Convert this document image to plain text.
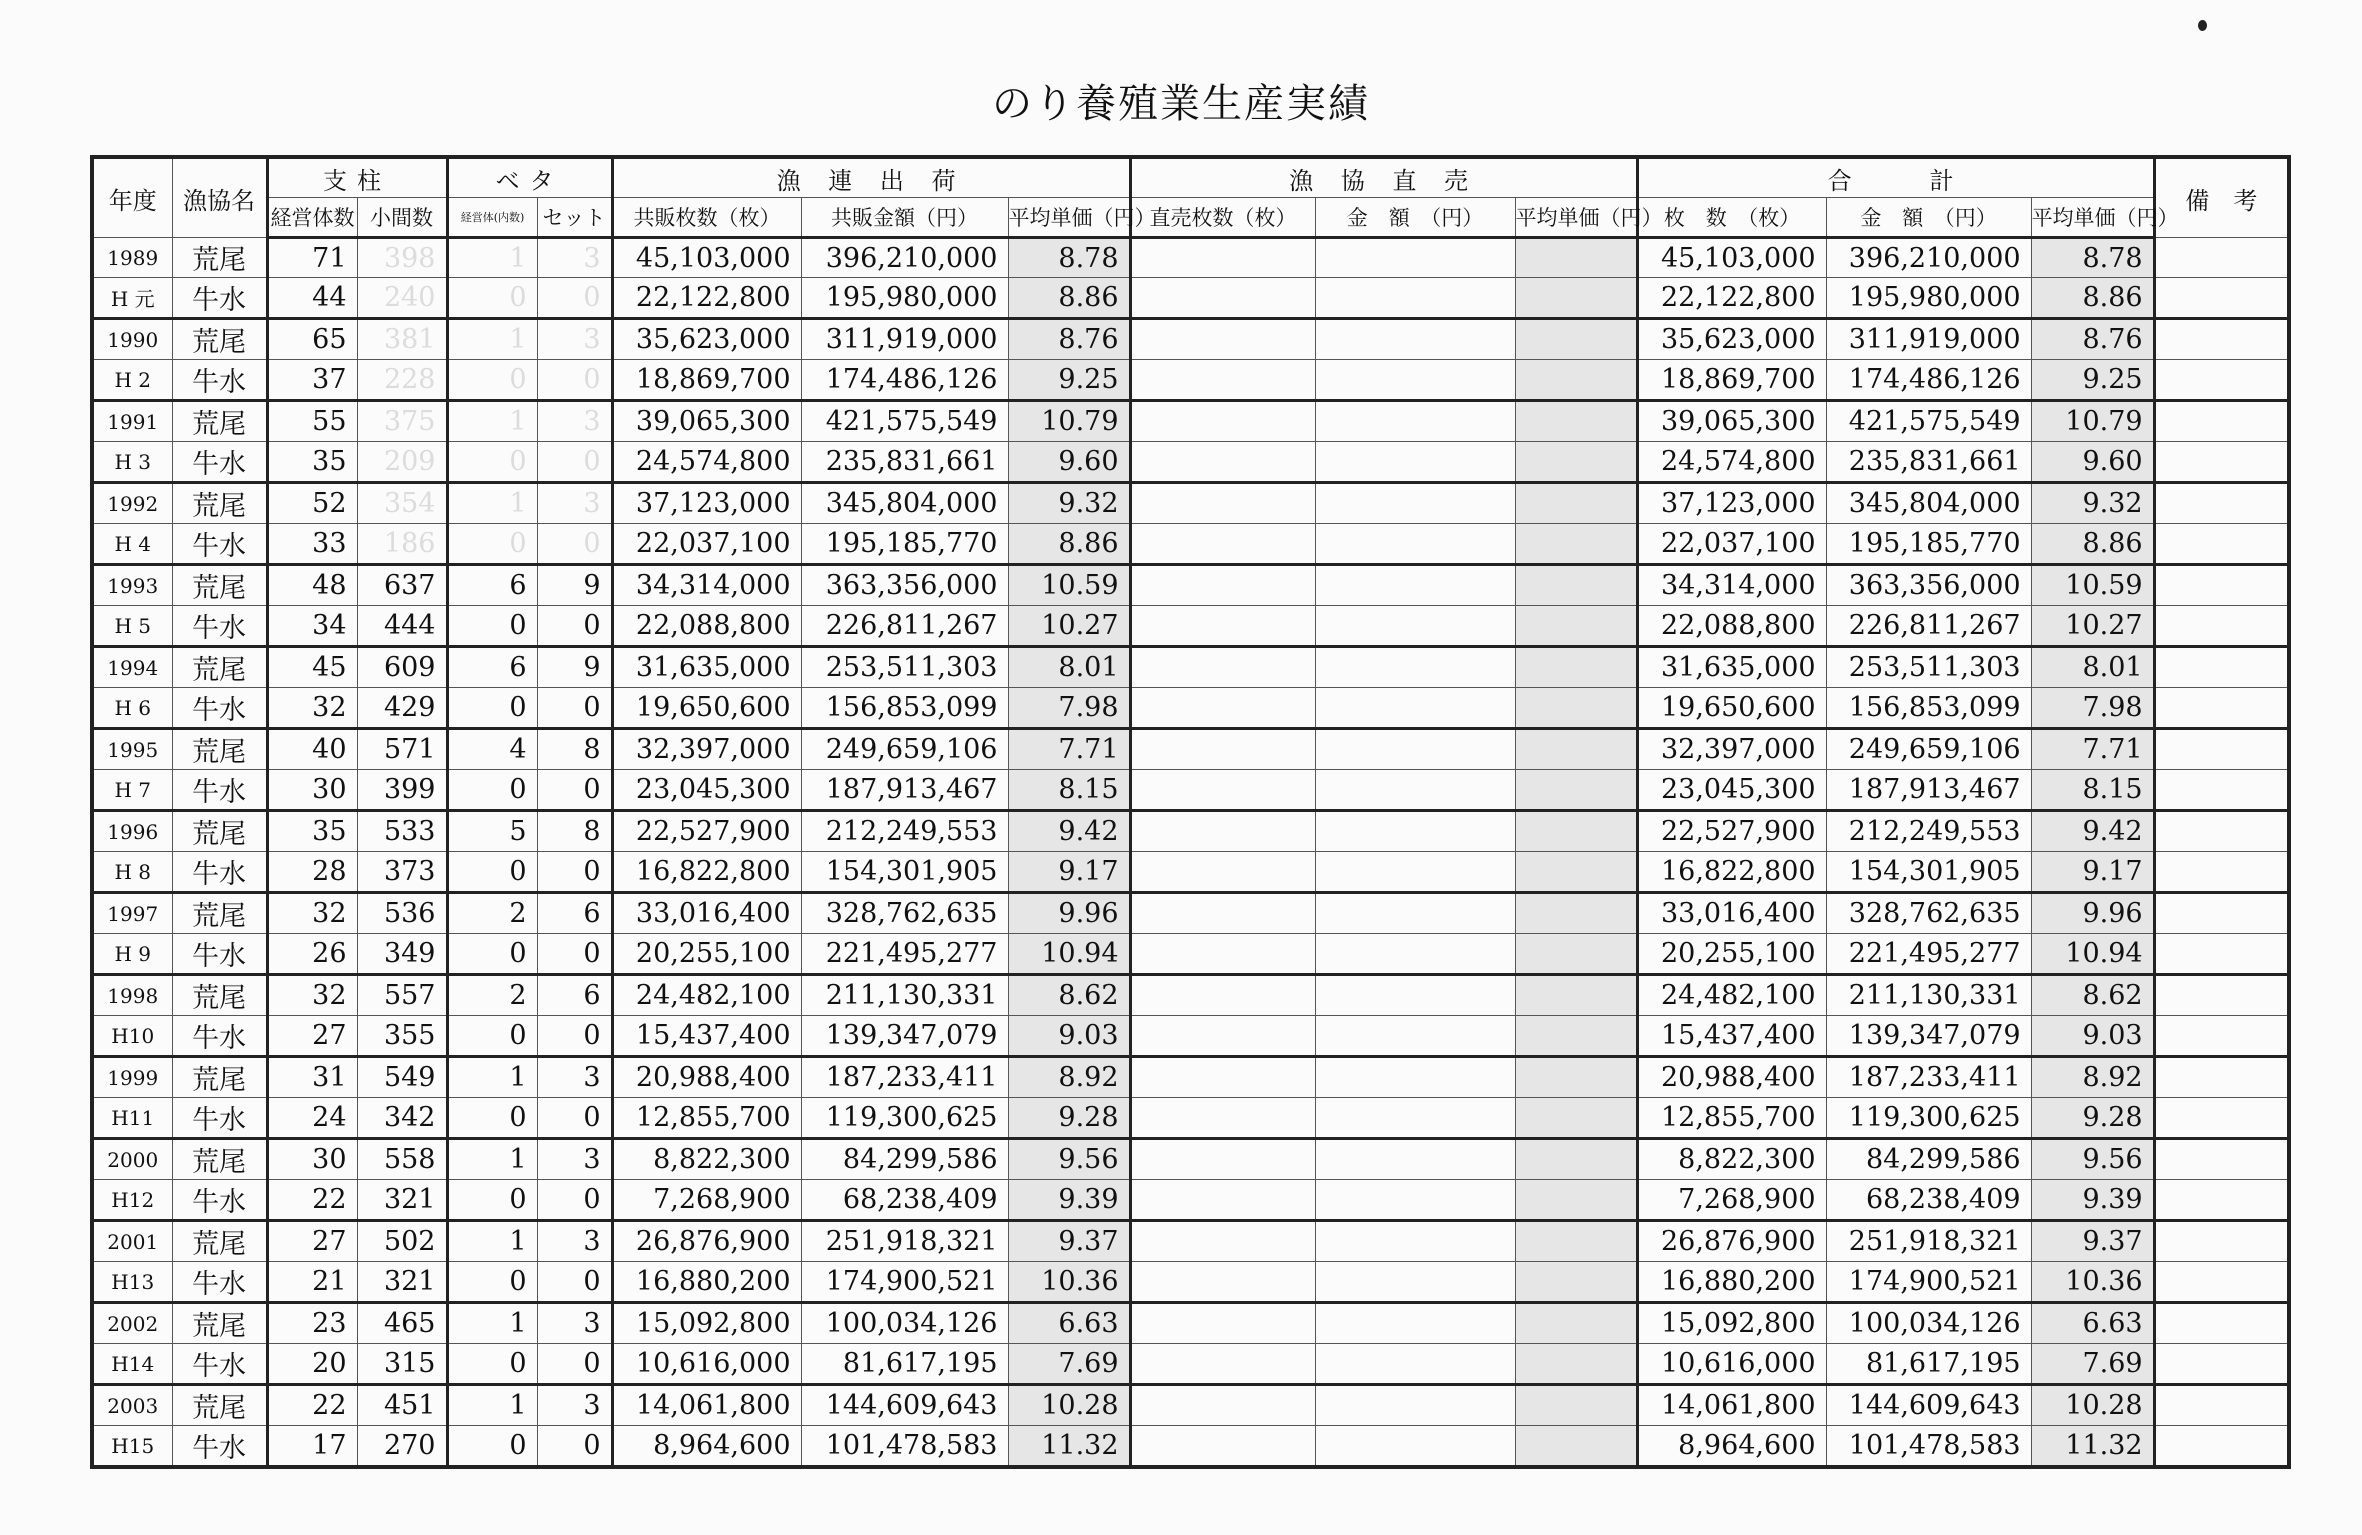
のり養殖業生産実績
年度	漁協名	支柱		ベタ		漁 連 出 荷			漁 協 直 売			合　　計			備　考
		経営体数	小間数	経営体(内数)	セット	共販枚数（枚）	共販金額（円）	平均単価（円）	直売枚数（枚）	金　額　（円）	平均単価（円）	枚　数　（枚）	金　額　（円）	平均単価（円）	
1989	荒尾	71	398	1	3	45,103,000	396,210,000	8.78				45,103,000	396,210,000	8.78	
H 元	牛水	44	240	0	0	22,122,800	195,980,000	8.86				22,122,800	195,980,000	8.86	
1990	荒尾	65	381	1	3	35,623,000	311,919,000	8.76				35,623,000	311,919,000	8.76	
H 2	牛水	37	228	0	0	18,869,700	174,486,126	9.25				18,869,700	174,486,126	9.25	
1991	荒尾	55	375	1	3	39,065,300	421,575,549	10.79				39,065,300	421,575,549	10.79	
H 3	牛水	35	209	0	0	24,574,800	235,831,661	9.60				24,574,800	235,831,661	9.60	
1992	荒尾	52	354	1	3	37,123,000	345,804,000	9.32				37,123,000	345,804,000	9.32	
H 4	牛水	33	186	0	0	22,037,100	195,185,770	8.86				22,037,100	195,185,770	8.86	
1993	荒尾	48	637	6	9	34,314,000	363,356,000	10.59				34,314,000	363,356,000	10.59	
H 5	牛水	34	444	0	0	22,088,800	226,811,267	10.27				22,088,800	226,811,267	10.27	
1994	荒尾	45	609	6	9	31,635,000	253,511,303	8.01				31,635,000	253,511,303	8.01	
H 6	牛水	32	429	0	0	19,650,600	156,853,099	7.98				19,650,600	156,853,099	7.98	
1995	荒尾	40	571	4	8	32,397,000	249,659,106	7.71				32,397,000	249,659,106	7.71	
H 7	牛水	30	399	0	0	23,045,300	187,913,467	8.15				23,045,300	187,913,467	8.15	
1996	荒尾	35	533	5	8	22,527,900	212,249,553	9.42				22,527,900	212,249,553	9.42	
H 8	牛水	28	373	0	0	16,822,800	154,301,905	9.17				16,822,800	154,301,905	9.17	
1997	荒尾	32	536	2	6	33,016,400	328,762,635	9.96				33,016,400	328,762,635	9.96	
H 9	牛水	26	349	0	0	20,255,100	221,495,277	10.94				20,255,100	221,495,277	10.94	
1998	荒尾	32	557	2	6	24,482,100	211,130,331	8.62				24,482,100	211,130,331	8.62	
H10	牛水	27	355	0	0	15,437,400	139,347,079	9.03				15,437,400	139,347,079	9.03	
1999	荒尾	31	549	1	3	20,988,400	187,233,411	8.92				20,988,400	187,233,411	8.92	
H11	牛水	24	342	0	0	12,855,700	119,300,625	9.28				12,855,700	119,300,625	9.28	
2000	荒尾	30	558	1	3	8,822,300	84,299,586	9.56				8,822,300	84,299,586	9.56	
H12	牛水	22	321	0	0	7,268,900	68,238,409	9.39				7,268,900	68,238,409	9.39	
2001	荒尾	27	502	1	3	26,876,900	251,918,321	9.37				26,876,900	251,918,321	9.37	
H13	牛水	21	321	0	0	16,880,200	174,900,521	10.36				16,880,200	174,900,521	10.36	
2002	荒尾	23	465	1	3	15,092,800	100,034,126	6.63				15,092,800	100,034,126	6.63	
H14	牛水	20	315	0	0	10,616,000	81,617,195	7.69				10,616,000	81,617,195	7.69	
2003	荒尾	22	451	1	3	14,061,800	144,609,643	10.28				14,061,800	144,609,643	10.28	
H15	牛水	17	270	0	0	8,964,600	101,478,583	11.32				8,964,600	101,478,583	11.32	
